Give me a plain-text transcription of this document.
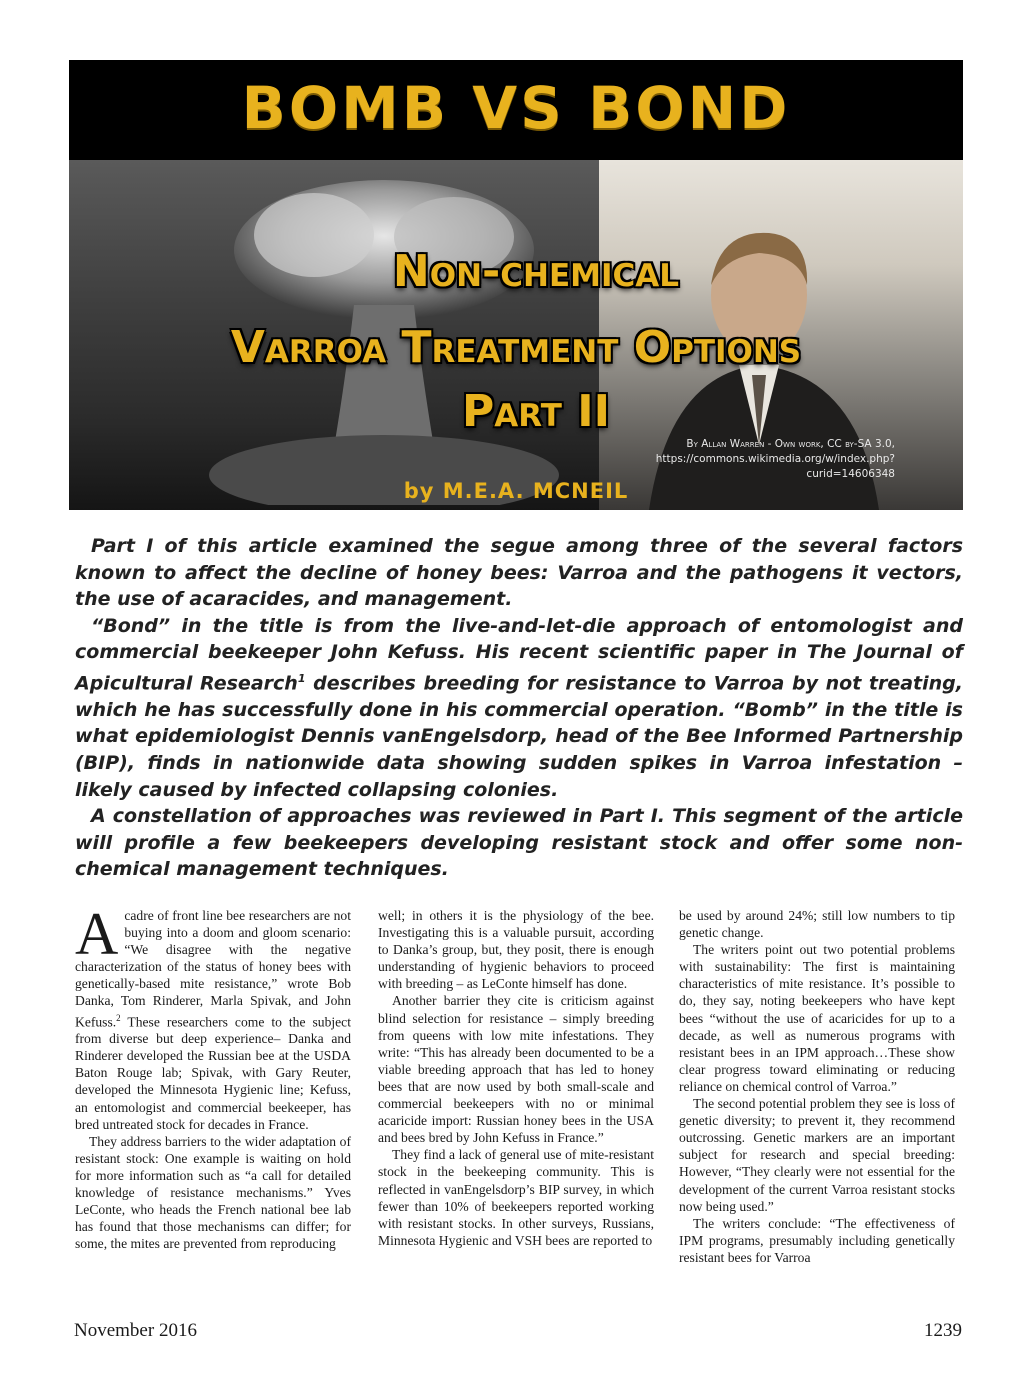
BOMB VS BOND
Non-chemical
Varroa Treatment Options
Part II
By Allan Warren - Own work, CC by-SA 3.0,
https://commons.wikimedia.org/w/index.php?curid=14606348
by M.E.A. MCNEIL

Part I of this article examined the segue among three of the several factors known to affect the decline of honey bees: Varroa and the pathogens it vectors, the use of acaracides, and management.

“Bond” in the title is from the live-and-let-die approach of entomologist and commercial beekeeper John Kefuss. His recent scientific paper in The Journal of Apicultural Research$^1$ describes breeding for resistance to Varroa by not treating, which he has successfully done in his commercial operation. “Bomb” in the title is what epidemiologist Dennis vanEngelsdorp, head of the Bee Informed Partnership (BIP), finds in nationwide data showing sudden spikes in Varroa infestation – likely caused by infected collapsing colonies.

A constellation of approaches was reviewed in Part I. This segment of the article will profile a few beekeepers developing resistant stock and offer some non-chemical management techniques.

Acadre of front line bee researchers are not buying into a doom and gloom scenario: “We disagree with the negative characterization of the status of honey bees with genetically-based mite resistance,” wrote Bob Danka, Tom Rinderer, Marla Spivak, and John Kefuss.$^2$ These researchers come to the subject from diverse but deep experience– Danka and Rinderer developed the Russian bee at the USDA Baton Rouge lab; Spivak, with Gary Reuter, developed the Minnesota Hygienic line; Kefuss, an entomologist and commercial beekeeper, has bred untreated stock for decades in France.

They address barriers to the wider adaptation of resistant stock: One example is waiting on hold for more information such as “a call for detailed knowledge of resistance mechanisms.” Yves LeConte, who heads the French national bee lab has found that those mechanisms can differ; for some, the mites are prevented from reproducing

well; in others it is the physiology of the bee. Investigating this is a valuable pursuit, according to Danka’s group, but, they posit, there is enough understanding of hygienic behaviors to proceed with breeding – as LeConte himself has done.

Another barrier they cite is criticism against blind selection for resistance – simply breeding from queens with low mite infestations. They write: “This has already been documented to be a viable breeding approach that has led to honey bees that are now used by both small-scale and commercial beekeepers with no or minimal acaricide import: Russian honey bees in the USA and bees bred by John Kefuss in France.”

They find a lack of general use of mite-resistant stock in the beekeeping community. This is reflected in vanEngelsdorp’s BIP survey, in which fewer than 10% of beekeepers reported working with resistant stocks. In other surveys, Russians, Minnesota Hygienic and VSH bees are reported to

be used by around 24%; still low numbers to tip genetic change.

The writers point out two potential problems with sustainability: The first is maintaining characteristics of mite resistance. It’s possible to do, they say, noting beekeepers who have kept bees “without the use of acaricides for up to a decade, as well as numerous programs with resistant bees in an IPM approach…These show clear progress toward eliminating or reducing reliance on chemical control of Varroa.”

The second potential problem they see is loss of genetic diversity; to prevent it, they recommend outcrossing. Genetic markers are an important subject for research and special breeding: However, “They clearly were not essential for the development of the current Varroa resistant stocks now being used.”

The writers conclude: “The effectiveness of IPM programs, presumably including genetically resistant bees for Varroa

November 2016	1239
